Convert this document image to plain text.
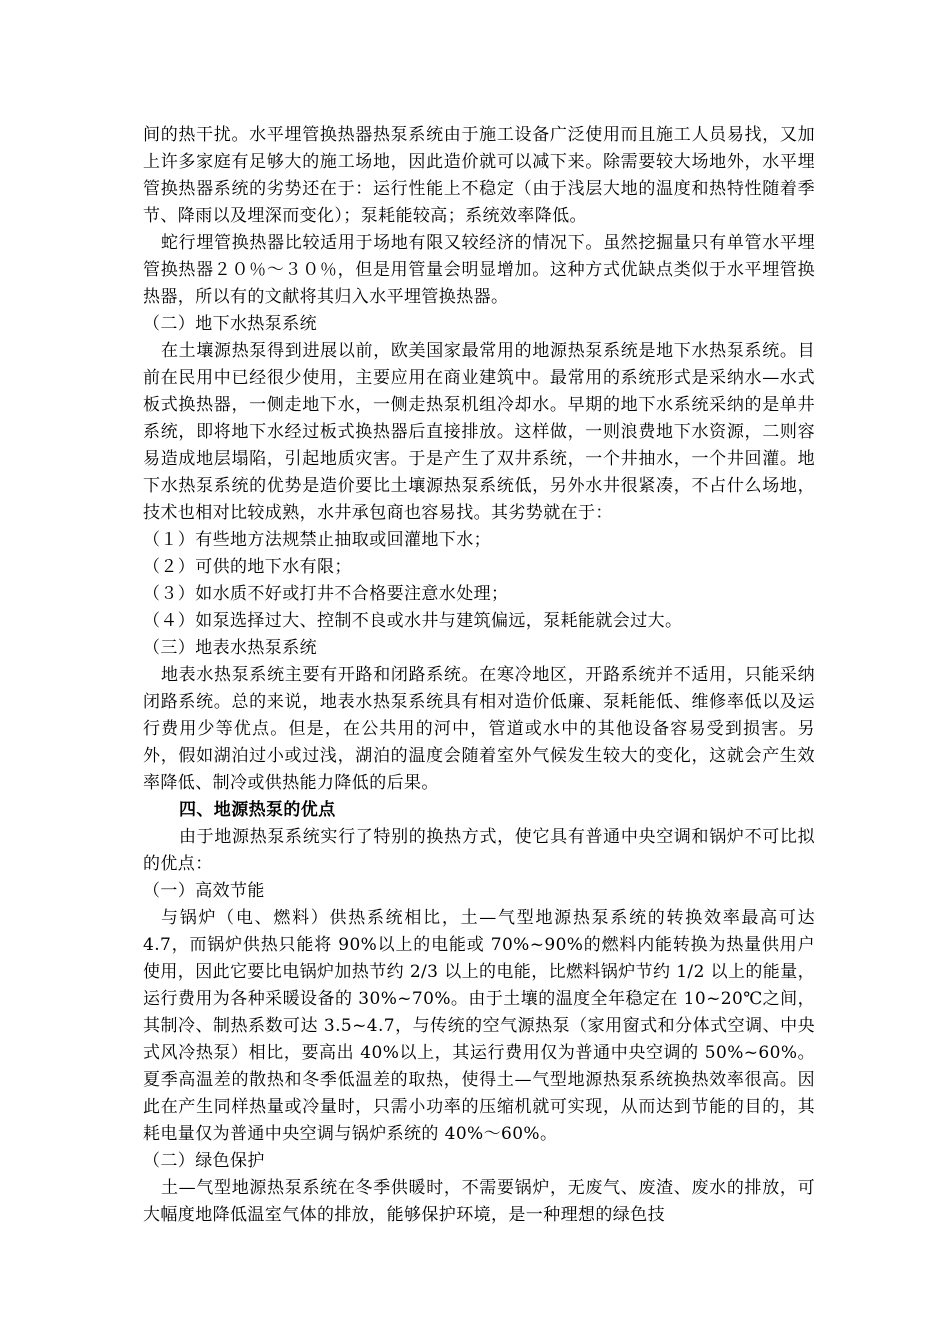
间的热干扰。水平埋管换热器热泵系统由于施工设备广泛使用而且施工人员易找，又加上许多家庭有足够大的施工场地，因此造价就可以减下来。除需要较大场地外，水平埋管换热器系统的劣势还在于：运行性能上不稳定（由于浅层大地的温度和热特性随着季节、降雨以及埋深而变化）；泵耗能较高；系统效率降低。

蛇行埋管换热器比较适用于场地有限又较经济的情况下。虽然挖掘量只有单管水平埋管换热器２０％～３０％，但是用管量会明显增加。这种方式优缺点类似于水平埋管换热器，所以有的文献将其归入水平埋管换热器。

（二）地下水热泵系统

在土壤源热泵得到进展以前，欧美国家最常用的地源热泵系统是地下水热泵系统。目前在民用中已经很少使用，主要应用在商业建筑中。最常用的系统形式是采纳水—水式板式换热器，一侧走地下水，一侧走热泵机组冷却水。早期的地下水系统采纳的是单井系统，即将地下水经过板式换热器后直接排放。这样做，一则浪费地下水资源，二则容易造成地层塌陷，引起地质灾害。于是产生了双井系统，一个井抽水，一个井回灌。地下水热泵系统的优势是造价要比土壤源热泵系统低，另外水井很紧凑，不占什么场地，技术也相对比较成熟，水井承包商也容易找。其劣势就在于：

（１）有些地方法规禁止抽取或回灌地下水；

（２）可供的地下水有限；

（３）如水质不好或打井不合格要注意水处理；

（４）如泵选择过大、控制不良或水井与建筑偏远，泵耗能就会过大。

（三）地表水热泵系统

地表水热泵系统主要有开路和闭路系统。在寒冷地区，开路系统并不适用，只能采纳闭路系统。总的来说，地表水热泵系统具有相对造价低廉、泵耗能低、维修率低以及运行费用少等优点。但是，在公共用的河中，管道或水中的其他设备容易受到损害。另外，假如湖泊过小或过浅，湖泊的温度会随着室外气候发生较大的变化，这就会产生效率降低、制冷或供热能力降低的后果。

四、地源热泵的优点

由于地源热泵系统实行了特别的换热方式，使它具有普通中央空调和锅炉不可比拟的优点：

（一）高效节能

与锅炉（电、燃料）供热系统相比，土—气型地源热泵系统的转换效率最高可达 4.7，而锅炉供热只能将 90%以上的电能或 70%~90%的燃料内能转换为热量供用户使用，因此它要比电锅炉加热节约 2/3 以上的电能，比燃料锅炉节约 1/2 以上的能量，运行费用为各种采暖设备的 30%~70%。由于土壤的温度全年稳定在 10~20℃之间，其制冷、制热系数可达 3.5~4.7，与传统的空气源热泵（家用窗式和分体式空调、中央式风冷热泵）相比，要高出 40%以上，其运行费用仅为普通中央空调的 50%~60%。夏季高温差的散热和冬季低温差的取热，使得土—气型地源热泵系统换热效率很高。因此在产生同样热量或冷量时，只需小功率的压缩机就可实现，从而达到节能的目的，其耗电量仅为普通中央空调与锅炉系统的 40%～60%。

（二）绿色保护

土—气型地源热泵系统在冬季供暖时，不需要锅炉，无废气、废渣、废水的排放，可大幅度地降低温室气体的排放，能够保护环境，是一种理想的绿色技
